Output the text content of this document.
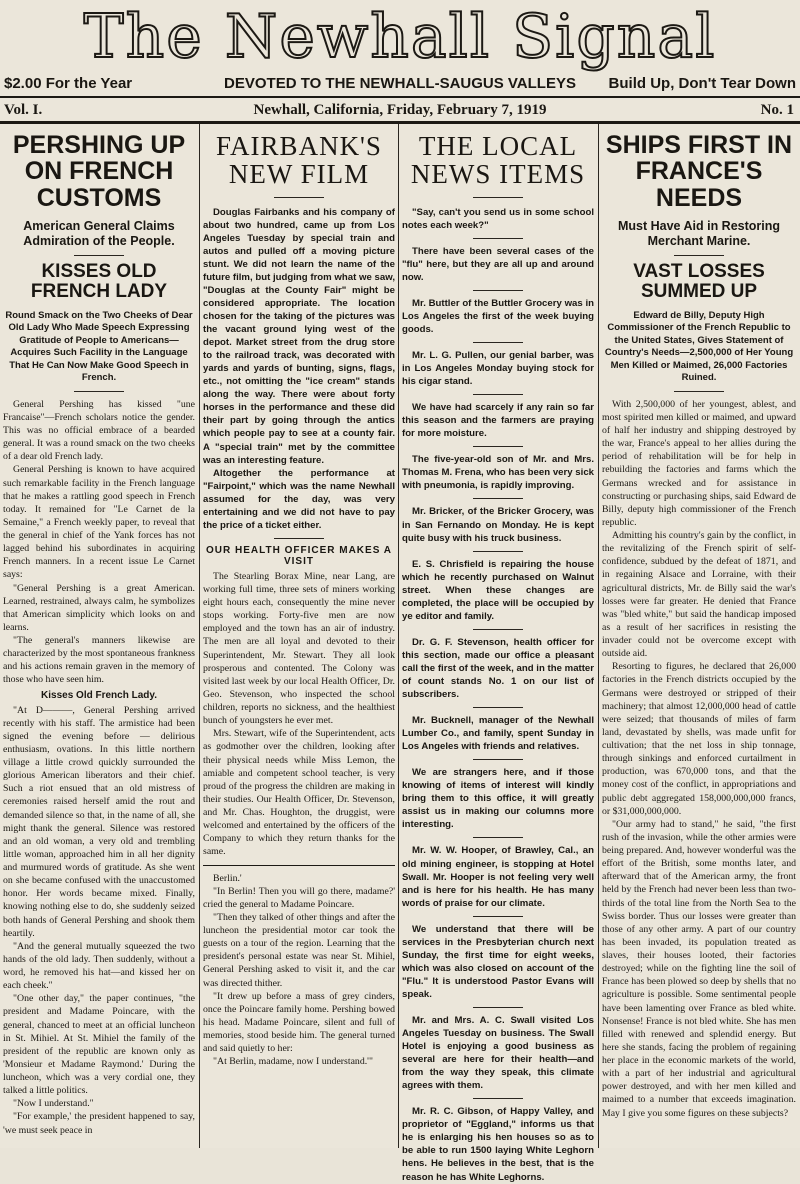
The Newhall Signal
$2.00 For the Year	DEVOTED TO THE NEWHALL-SAUGUS VALLEYS	Build Up, Don't Tear Down
Vol. I.	Newhall, California, Friday, February 7, 1919	No. 1
PERSHING UP ON FRENCH CUSTOMS
American General Claims Admiration of the People.
KISSES OLD FRENCH LADY
Round Smack on the Two Cheeks of Dear Old Lady Who Made Speech Expressing Gratitude of People to Americans—Acquires Such Facility in the Language That He Can Now Make Good Speech in French.
General Pershing has kissed "une Francaise"—French scholars notice the gender. This was no official embrace of a bearded general. It was a round smack on the two cheeks of a dear old French lady.
General Pershing is known to have acquired such remarkable facility in the French language that he makes a rattling good speech in French today. It remained for "Le Carnet de la Semaine," a French weekly paper, to reveal that the general in chief of the Yank forces has not lagged behind his subordinates in acquiring French manners. In a recent issue Le Carnet says:
"General Pershing is a great American. Learned, restrained, always calm, he symbolizes that American simplicity which looks on and learns.
"The general's manners likewise are characterized by the most spontaneous frankness and his actions remain graven in the memory of those who have seen him.
Kisses Old French Lady.
"At D———, General Pershing arrived recently with his staff. The armistice had been signed the evening before — delirious enthusiasm, ovations. In this little northern village a little crowd quickly surrounded the glorious American liberators and their chief. Such a riot ensued that an old mistress of ceremonies raised herself amid the rout and demanded silence so that, in the name of all, she might thank the general. Silence was restored and an old woman, a very old and trembling little woman, approached him in all her dignity and murmured words of gratitude. As she went on she became confused with the unaccustomed honor. Her words became mixed. Finally, knowing nothing else to do, she suddenly seized both hands of General Pershing and shook them heartily.
"And the general mutually squeezed the two hands of the old lady. Then suddenly, without a word, he removed his hat—and kissed her on each cheek."
"One other day," the paper continues, "the president and Madame Poincare, with the general, chanced to meet at an official luncheon in St. Mihiel. At St. Mihiel the family of the president of the republic are known only as 'Monsieur et Madame Raymond.' During the luncheon, which was a very cordial one, they talked a little politics.
"Now I understand."
"For example,' the president happened to say, 'we must seek peace in
FAIRBANK'S NEW FILM
Douglas Fairbanks and his company of about two hundred, came up from Los Angeles Tuesday by special train and autos and pulled off a moving picture stunt. We did not learn the name of the future film, but judging from what we saw, "Douglas at the County Fair" might be considered appropriate. The location chosen for the taking of the pictures was the vacant ground lying west of the depot. Market street from the drug store to the railroad track, was decorated with yards and yards of bunting, signs, flags, etc., not omitting the "ice cream" stands along the way. There were about forty horses in the performance and these did their part by going through the antics which people pay to see at a county fair. A "special train" met by the committee was an interesting feature.
Altogether the performance at "Fairpoint," which was the name Newhall assumed for the day, was very entertaining and we did not have to pay the price of a ticket either.
OUR HEALTH OFFICER MAKES A VISIT
The Stearling Borax Mine, near Lang, are working full time, three sets of miners working eight hours each, consequently the mine never stops working. Forty-five men are now employed and the town has an air of industry. The men are all loyal and devoted to their Superintendent, Mr. Stewart. They all look prosperous and contented. The Colony was visited last week by our local Health Officer, Dr. Geo. Stevenson, who inspected the school children, reports no sickness, and the healthiest bunch of youngsters he ever met.
Mrs. Stewart, wife of the Superintendent, acts as godmother over the children, looking after their physical needs while Miss Lemon, the amiable and competent school teacher, is very proud of the progress the children are making in their studies. Our Health Officer, Dr. Stevenson, and Mr. Chas. Houghton, the druggist, were welcomed and entertained by the officers of the Company to which they return thanks for the same.
Berlin.'
"In Berlin! Then you will go there, madame?' cried the general to Madame Poincare.
"Then they talked of other things and after the luncheon the presidential motor car took the guests on a tour of the region. Learning that the president's personal estate was near St. Mihiel, General Pershing asked to visit it, and the car was directed thither.
"It drew up before a mass of grey cinders, once the Poincare family home. Pershing bowed his head. Madame Poincare, silent and full of memories, stood beside him. The general turned and said quietly to her:
"At Berlin, madame, now I understand.'"
THE LOCAL NEWS ITEMS
"Say, can't you send us in some school notes each week?"
There have been several cases of the "flu" here, but they are all up and around now.
Mr. Buttler of the Buttler Grocery was in Los Angeles the first of the week buying goods.
Mr. L. G. Pullen, our genial barber, was in Los Angeles Monday buying stock for his cigar stand.
We have had scarcely if any rain so far this season and the farmers are praying for more moisture.
The five-year-old son of Mr. and Mrs. Thomas M. Frena, who has been very sick with pneumonia, is rapidly improving.
Mr. Bricker, of the Bricker Grocery, was in San Fernando on Monday. He is kept quite busy with his truck business.
E. S. Chrisfield is repairing the house which he recently purchased on Walnut street. When these changes are completed, the place will be occupied by ye editor and family.
Dr. G. F. Stevenson, health officer for this section, made our office a pleasant call the first of the week, and in the matter of count stands No. 1 on our list of subscribers.
Mr. Bucknell, manager of the Newhall Lumber Co., and family, spent Sunday in Los Angeles with friends and relatives.
We are strangers here, and if those knowing of items of interest will kindly bring them to this office, it will greatly assist us in making our columns more interesting.
Mr. W. W. Hooper, of Brawley, Cal., an old mining engineer, is stopping at Hotel Swall. Mr. Hooper is not feeling very well and is here for his health. He has many words of praise for our climate.
We understand that there will be services in the Presbyterian church next Sunday, the first time for eight weeks, which was also closed on account of the "Flu." It is understood Pastor Evans will speak.
Mr. and Mrs. A. C. Swall visited Los Angeles Tuesday on business. The Swall Hotel is enjoying a good business as several are here for their health—and from the way they speak, this climate agrees with them.
Mr. R. C. Gibson, of Happy Valley, and proprietor of "Eggland," informs us that he is enlarging his hen houses so as to be able to run 1500 laying White Leghorn hens. He believes in the best, that is the reason he has White Leghorns.
SHIPS FIRST IN FRANCE'S NEEDS
Must Have Aid in Restoring Merchant Marine.
VAST LOSSES SUMMED UP
Edward de Billy, Deputy High Commissioner of the French Republic to the United States, Gives Statement of Country's Needs—2,500,000 of Her Young Men Killed or Maimed, 26,000 Factories Ruined.
With 2,500,000 of her youngest, ablest, and most spirited men killed or maimed, and upward of half her industry and shipping destroyed by the war, France's appeal to her allies during the period of rehabilitation will be for help in rebuilding the factories and farms which the Germans wrecked and for assistance in constructing or purchasing ships, said Edward de Billy, deputy high commissioner of the French republic.
Admitting his country's gain by the conflict, in the revitalizing of the French spirit of self-confidence, subdued by the defeat of 1871, and in regaining Alsace and Lorraine, with their agricultural districts, Mr. de Billy said the war's losses were far greater. He denied that France was "bled white," but said the handicap imposed as a result of her sacrifices in resisting the invader could not be overcome except with outside aid.
Resorting to figures, he declared that 26,000 factories in the French districts occupied by the Germans were destroyed or stripped of their machinery; that almost 12,000,000 head of cattle were seized; that thousands of miles of farm land, devastated by shells, was made unfit for cultivation; that the net loss in ship tonnage, through sinkings and enforced curtailment in production, was 670,000 tons, and that the money cost of the conflict, in appropriations and public debt aggregated 158,000,000,000 francs, or $31,000,000,000.
"Our army had to stand," he said, "the first rush of the invasion, while the other armies were being prepared. And, however wonderful was the effort of the British, some months later, and afterward that of the American army, the front held by the French had never been less than two-thirds of the total line from the North Sea to the Swiss border. Thus our losses were greater than those of any other army. A part of our country has been invaded, its population treated as slaves, their houses looted, their factories destroyed; while on the fighting line the soil of France has been plowed so deep by shells that no agriculture is possible. Some sentimental people have been lamenting over France as bled white. Nonsense! France is not bled white. She has men filled with renewed and splendid energy. But here she stands, facing the problem of regaining her place in the economic markets of the world, with a part of her industrial and agricultural power destroyed, and with her men killed and maimed to a number that exceeds imagination. May I give you some figures on these subjects?
